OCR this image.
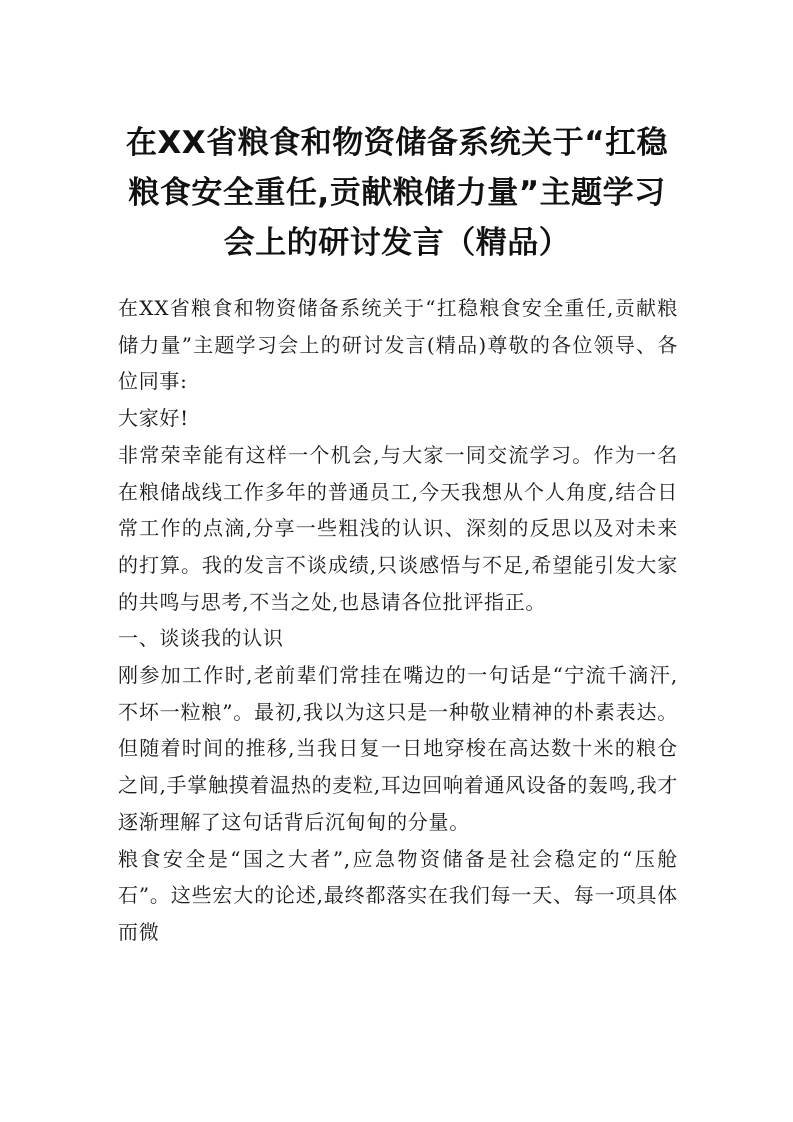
在XX省粮食和物资储备系统关于“扛稳粮食安全重任,贡献粮储力量”主题学习会上的研讨发言（精品）

在XX省粮食和物资储备系统关于“扛稳粮食安全重任,贡献粮储力量”主题学习会上的研讨发言(精品)尊敬的各位领导、各位同事:

大家好!

非常荣幸能有这样一个机会,与大家一同交流学习。作为一名在粮储战线工作多年的普通员工,今天我想从个人角度,结合日常工作的点滴,分享一些粗浅的认识、深刻的反思以及对未来的打算。我的发言不谈成绩,只谈感悟与不足,希望能引发大家的共鸣与思考,不当之处,也恳请各位批评指正。

一、谈谈我的认识

刚参加工作时,老前辈们常挂在嘴边的一句话是“宁流千滴汗,不坏一粒粮”。最初,我以为这只是一种敬业精神的朴素表达。但随着时间的推移,当我日复一日地穿梭在高达数十米的粮仓之间,手掌触摸着温热的麦粒,耳边回响着通风设备的轰鸣,我才逐渐理解了这句话背后沉甸甸的分量。

粮食安全是“国之大者”,应急物资储备是社会稳定的“压舱石”。这些宏大的论述,最终都落实在我们每一天、每一项具体而微
